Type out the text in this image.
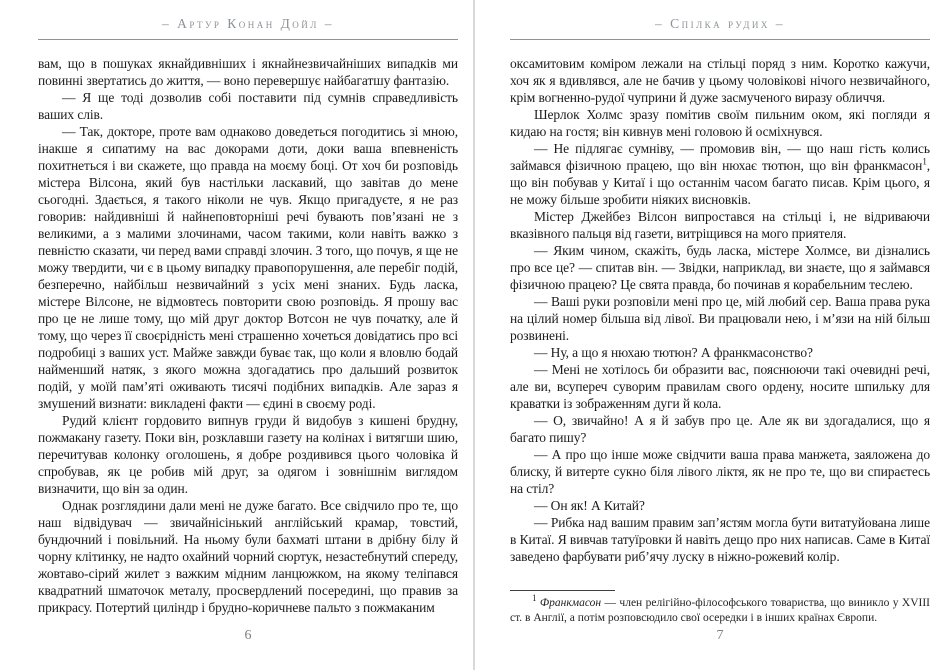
– Артур Конан Дойл –

вам, що в пошуках якнайдивніших і якнайнезвичайніших випадків ми повинні звертатись до життя, — воно перевершує найбагатшу фантазію.

— Я ще тоді дозволив собі поставити під сумнів справедливість ваших слів.

— Так, докторе, проте вам однаково доведеться погодитись зі мною, інакше я сипатиму на вас докорами доти, доки ваша впевненість похитнеться і ви скажете, що правда на моєму боці. От хоч би розповідь містера Вілсона, який був настільки ласкавий, що завітав до мене сьогодні. Здається, я такого ніколи не чув. Якщо пригадуєте, я не раз говорив: найдивніші й найнеповторніші речі бувають пов’язані не з великими, а з малими злочинами, часом такими, коли навіть важко з певністю сказати, чи перед вами справді злочин. З того, що почув, я ще не можу твердити, чи є в цьому випадку правопорушення, але перебіг подій, безперечно, найбільш незвичайний з усіх мені знаних. Будь ласка, містере Вілсоне, не відмовтесь повторити свою розповідь. Я прошу вас про це не лише тому, що мій друг доктор Вотсон не чув початку, але й тому, що через її своєрідність мені страшенно хочеться довідатись про всі подробиці з ваших уст. Майже завжди буває так, що коли я вловлю бодай найменший натяк, з якого можна здогадатись про дальший розвиток подій, у моїй пам’яті оживають тисячі подібних випадків. Але зараз я змушений визнати: викладені факти — єдині в своєму роді.

Рудий клієнт гордовито випнув груди й видобув з кишені брудну, пожмакану газету. Поки він, розклавши газету на колінах і витягши шию, перечитував колонку оголошень, я добре роздивився цього чоловіка й спробував, як це робив мій друг, за одягом і зовнішнім виглядом визначити, що він за один.

Однак розглядини дали мені не дуже багато. Все свідчило про те, що наш відвідувач — звичайнісінький англійський крамар, товстий, бундючний і повільний. На ньому були бахматі штани в дрібну білу й чорну клітинку, не надто охайний чорний сюртук, незастебнутий спереду, жовтаво-сірий жилет з важким мідним ланцюжком, на якому теліпався квадратний шматочок металу, просвердлений посередині, що правив за прикрасу. Потертий циліндр і брудно-коричневе пальто з пожмаканим

6
– Спілка рудих –

оксамитовим коміром лежали на стільці поряд з ним. Коротко кажучи, хоч як я вдивлявся, але не бачив у цьому чоловікові нічого незвичайного, крім вогненно-рудої чуприни й дуже засмученого виразу обличчя.

Шерлок Холмс зразу помітив своїм пильним оком, які погляди я кидаю на гостя; він кивнув мені головою й осміхнувся.

— Не підлягає сумніву, — промовив він, — що наш гість колись займався фізичною працею, що він нюхає тютюн, що він франкмасон$^1$, що він побував у Китаї і що останнім часом багато писав. Крім цього, я не можу більше зробити ніяких висновків.

Містер Джейбез Вілсон випростався на стільці і, не відриваючи вказівного пальця від газети, витріщився на мого приятеля.

— Яким чином, скажіть, будь ласка, містере Холмсе, ви дізнались про все це? — спитав він. — Звідки, наприклад, ви знаєте, що я займався фізичною працею? Це свята правда, бо починав я корабельним теслею.

— Ваші руки розповіли мені про це, мій любий сер. Ваша права рука на цілий номер більша від лівої. Ви працювали нею, і м’язи на ній більш розвинені.

— Ну, а що я нюхаю тютюн? А франкмасонство?

— Мені не хотілось би образити вас, пояснюючи такі очевидні речі, але ви, всупереч суворим правилам свого ордену, носите шпильку для краватки із зображенням дуги й кола.

— О, звичайно! А я й забув про це. Але як ви здогадалися, що я багато пишу?

— А про що інше може свідчити ваша права манжета, заяложена до блиску, й витерте сукно біля лівого ліктя, як не про те, що ви спираєтесь на стіл?

— Он як! А Китай?

— Рибка над вашим правим зап’ястям могла бути витатуйована лише в Китаї. Я вивчав татуїровки й навіть дещо про них написав. Саме в Китаї заведено фарбувати риб’ячу луску в ніжно-рожевий колір.

$^1$ Франкмасон — член релігійно-філософського товариства, що виникло у XVIII ст. в Англії, а потім розповсюдило свої осередки і в інших країнах Європи.

7
